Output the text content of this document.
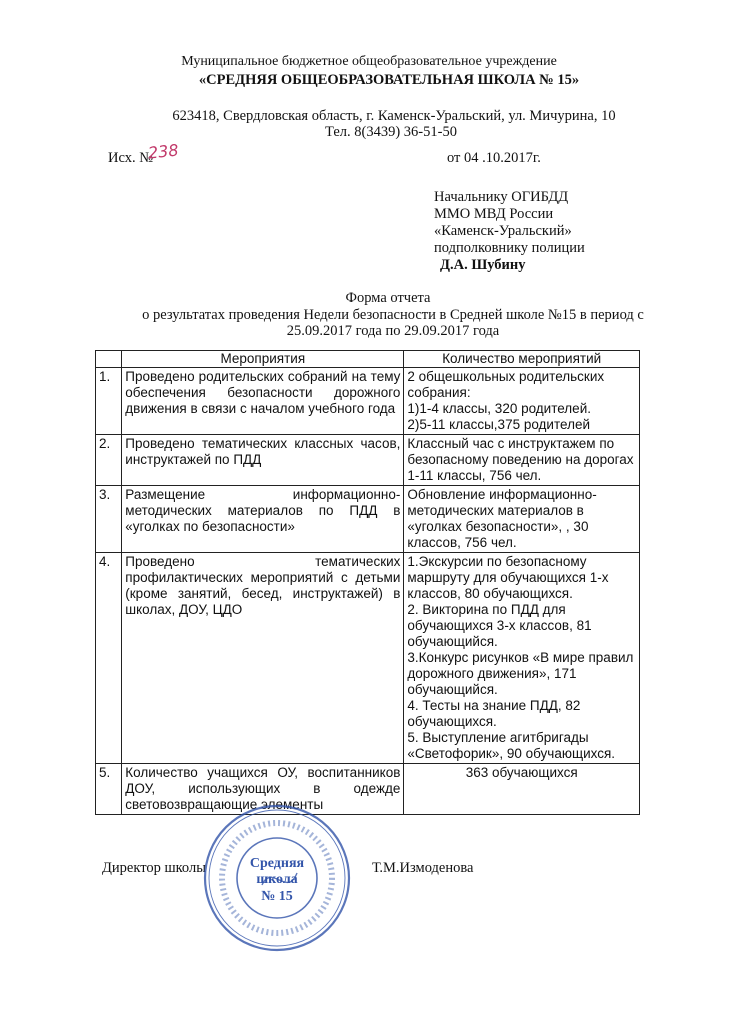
Муниципальное бюджетное общеобразовательное учреждение
«СРЕДНЯЯ ОБЩЕОБРАЗОВАТЕЛЬНАЯ ШКОЛА № 15»
623418, Свердловская область, г. Каменск-Уральский, ул. Мичурина, 10
Тел. 8(3439) 36-51-50
Исх. №
238	от 04 .10.2017г.
Начальнику ОГИБДД
ММО МВД России
«Каменск-Уральский»
подполковнику полиции
Д.А. Шубину
Форма отчета
о результатах проведения Недели безопасности в Средней школе №15 в период с 25.09.2017 года по 29.09.2017 года
	Мероприятия	Количество мероприятий
1.	Проведено родительских собраний на тему обеспечения безопасности дорожного движения в связи с началом учебного года	2 общешкольных родительских собрания:
1)1-4 классы, 320 родителей.
2)5-11 классы,375 родителей

2.	Проведено тематических классных часов, инструктажей по ПДД	Классный час с инструктажем по безопасному поведению на дорогах 1-11 классы, 756 чел.

3.	Размещение информационно-методических материалов по ПДД в «уголках по безопасности»	Обновление информационно-методических материалов в «уголках безопасности», , 30 классов, 756 чел.

4.	Проведено тематических профилактических мероприятий с детьми (кроме занятий, бесед, инструктажей) в школах, ДОУ, ЦДО	1.Экскурсии по безопасному маршруту для обучающихся 1-х классов, 80 обучающихся.
2. Викторина по ПДД для обучающихся 3-х классов, 81 обучающийся.
3.Конкурс рисунков «В мире правил дорожного движения», 171 обучающийся.
4. Тесты на знание ПДД, 82 обучающихся.
5. Выступление агитбригады «Светофорик», 90 обучающихся.

5.	Количество учащихся ОУ, воспитанников ДОУ, использующих в одежде световозвращающие элементы	363 обучающихся
Директор школы	Т.М.Измоденова
Средняя
школа
№ 15
